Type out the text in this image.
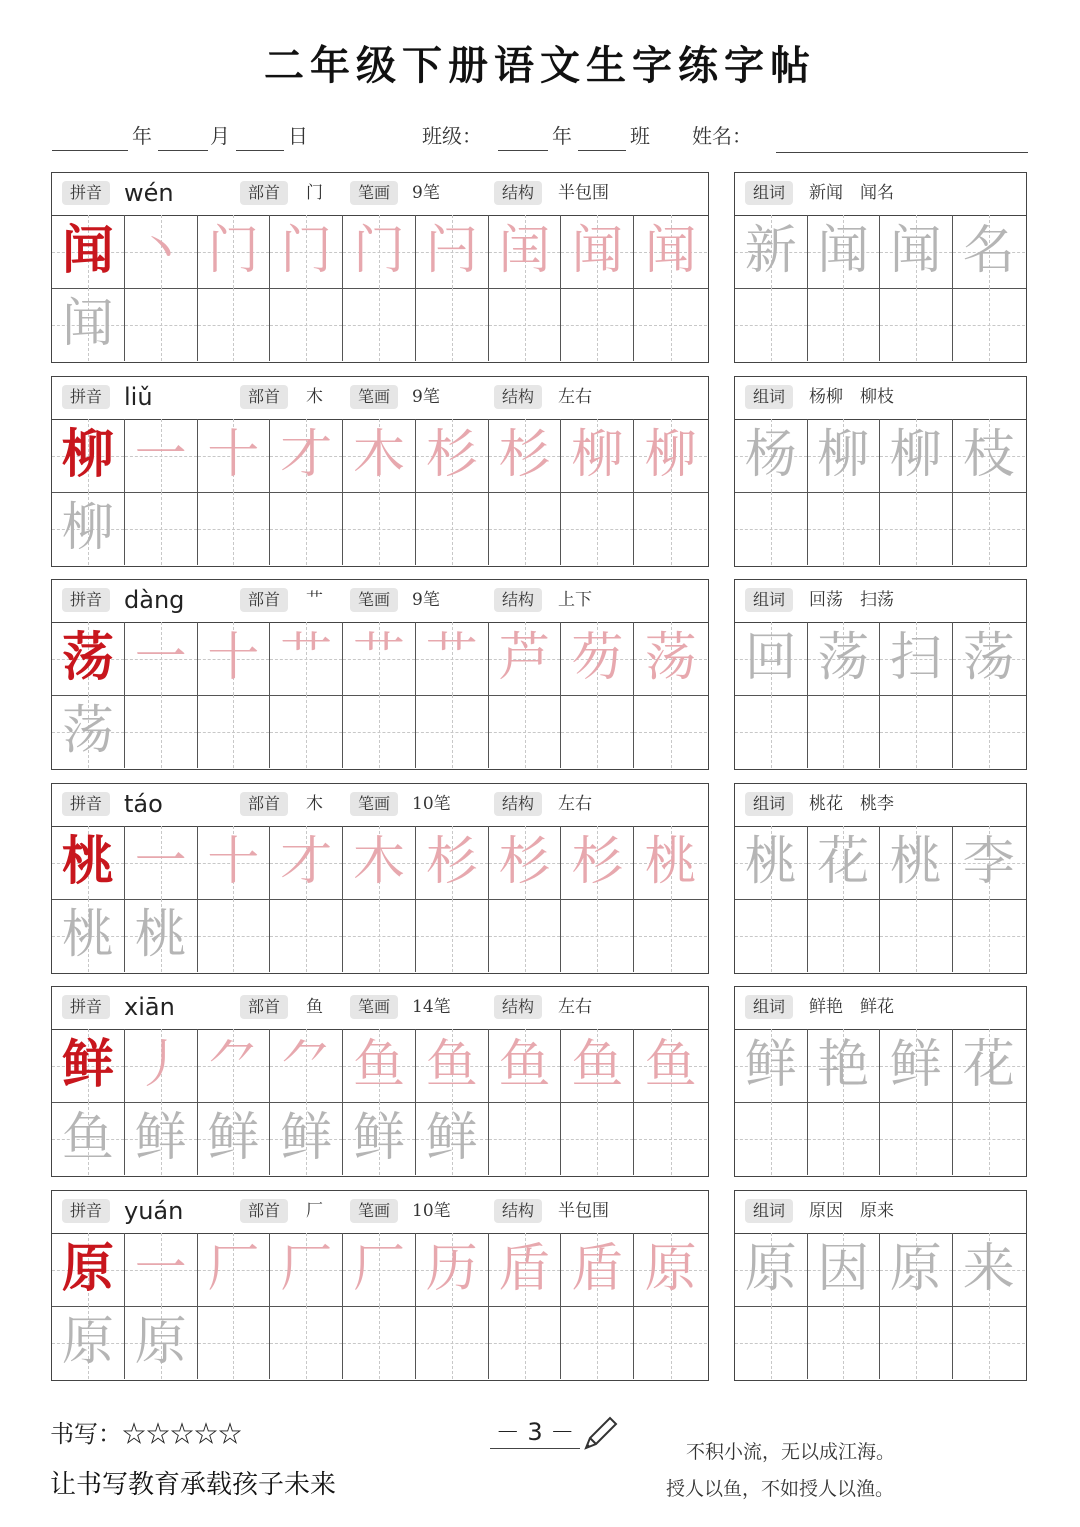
二年级下册语文生字练字帖
年	月	日	班级：	年	班 姓名：
拼音 wén	部首	门	笔画	9笔	结构	半包围
闻 丶 门 门 门 闩 闰 闻 闻
闻
组词	新闻　闻名
新 闻 闻 名
拼音 liǔ	部首	木	笔画	9笔	结构	左右
柳 一 十 才 木 杉 杉 柳 柳
柳
组词	杨柳　柳枝
杨 柳 柳 枝
拼音 dàng	部首	艹	笔画	9笔	结构	上下
荡 一 十 艹 艹 艹 芦 芴 荡
荡
组词	回荡　扫荡
回 荡 扫 荡
拼音 táo	部首	木	笔画	10笔	结构	左右
桃 一 十 才 木 杉 杉 杉 桃
桃 桃
组词	桃花　桃李
桃 花 桃 李
拼音 xiān	部首	鱼	笔画	14笔	结构	左右
鲜 丿 ⺈ ⺈ 鱼 鱼 鱼 鱼 鱼
鱼 鲜 鲜 鲜 鲜 鲜
组词	鲜艳　鲜花
鲜 艳 鲜 花
拼音 yuán	部首	厂	笔画	10笔	结构	半包围
原 一 厂 厂 厂 历 盾 盾 原
原 原
组词	原因　原来
原 因 原 来
书写：☆☆☆☆☆	－ 3 －
让书写教育承载孩子未来
不积小流，无以成江海。
授人以鱼，不如授人以渔。
